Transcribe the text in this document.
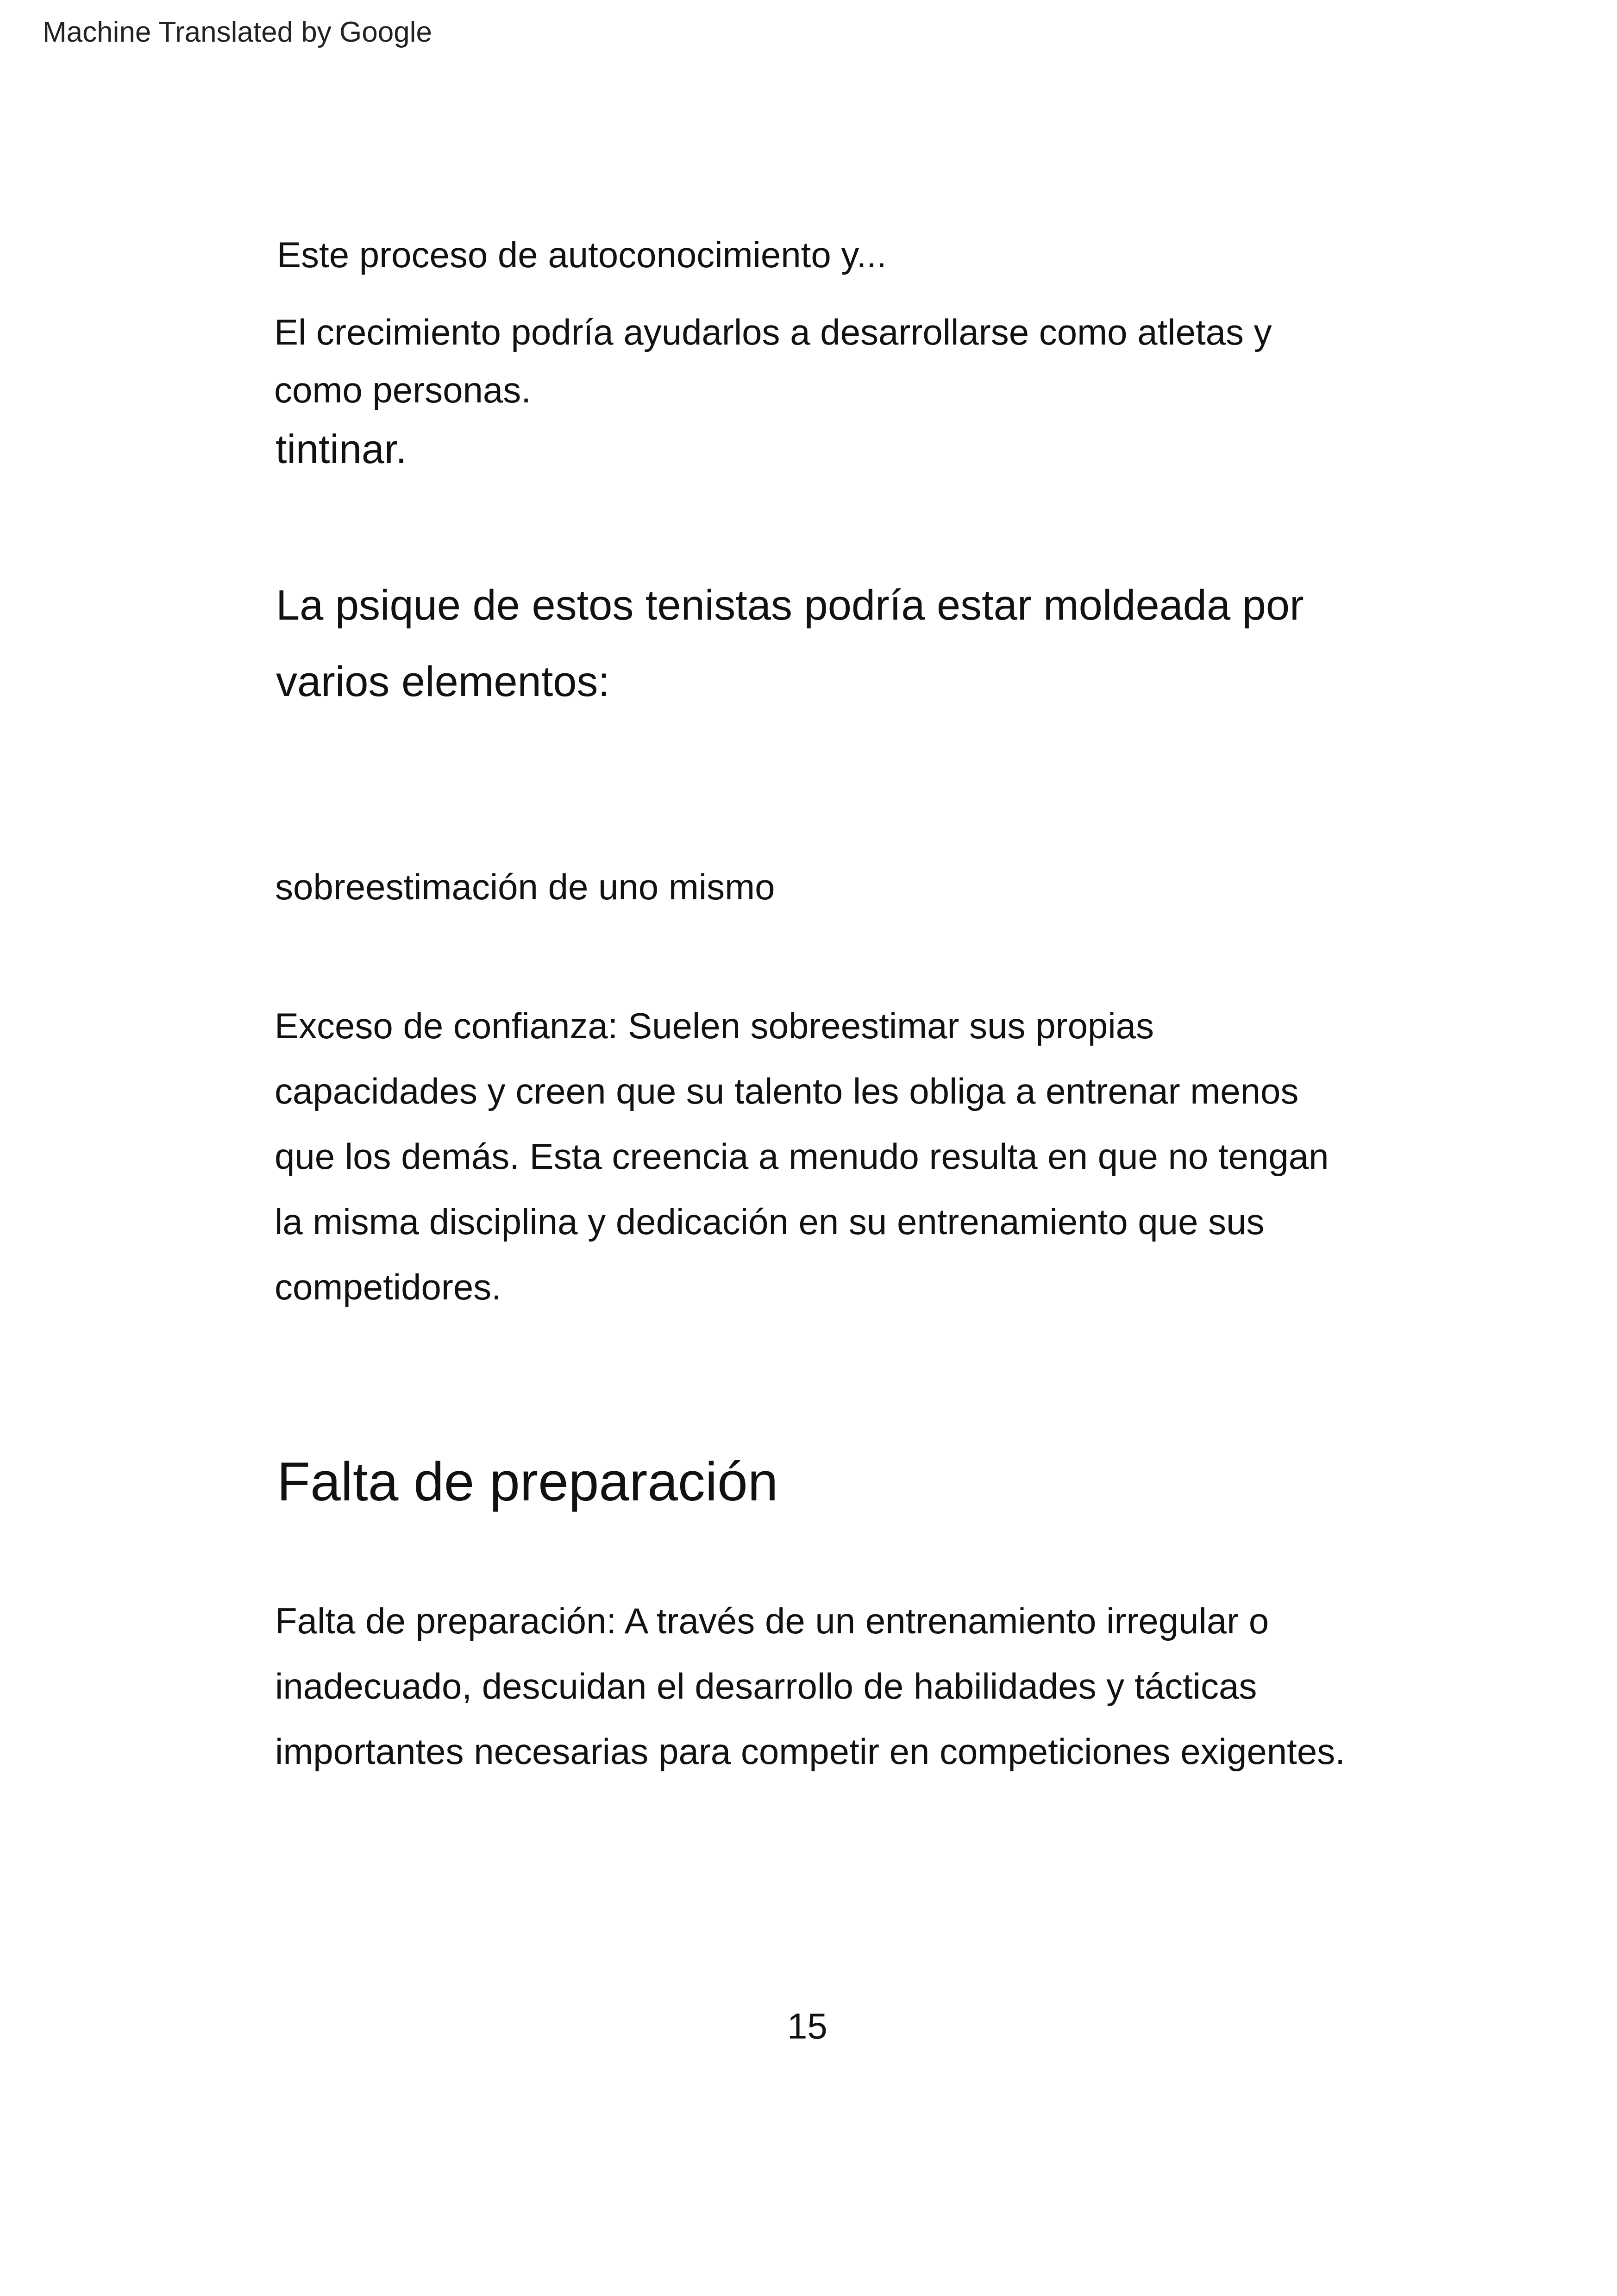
Machine Translated by Google

Este proceso de autoconocimiento y...

El crecimiento podría ayudarlos a desarrollarse como atletas y
como personas.

tintinar.

La psique de estos tenistas podría estar moldeada por
varios elementos:

sobreestimación de uno mismo

Exceso de confianza: Suelen sobreestimar sus propias
capacidades y creen que su talento les obliga a entrenar menos
que los demás. Esta creencia a menudo resulta en que no tengan
la misma disciplina y dedicación en su entrenamiento que sus
competidores.
Falta de preparación
Falta de preparación: A través de un entrenamiento irregular o
inadecuado, descuidan el desarrollo de habilidades y tácticas
importantes necesarias para competir en competiciones exigentes.

15
